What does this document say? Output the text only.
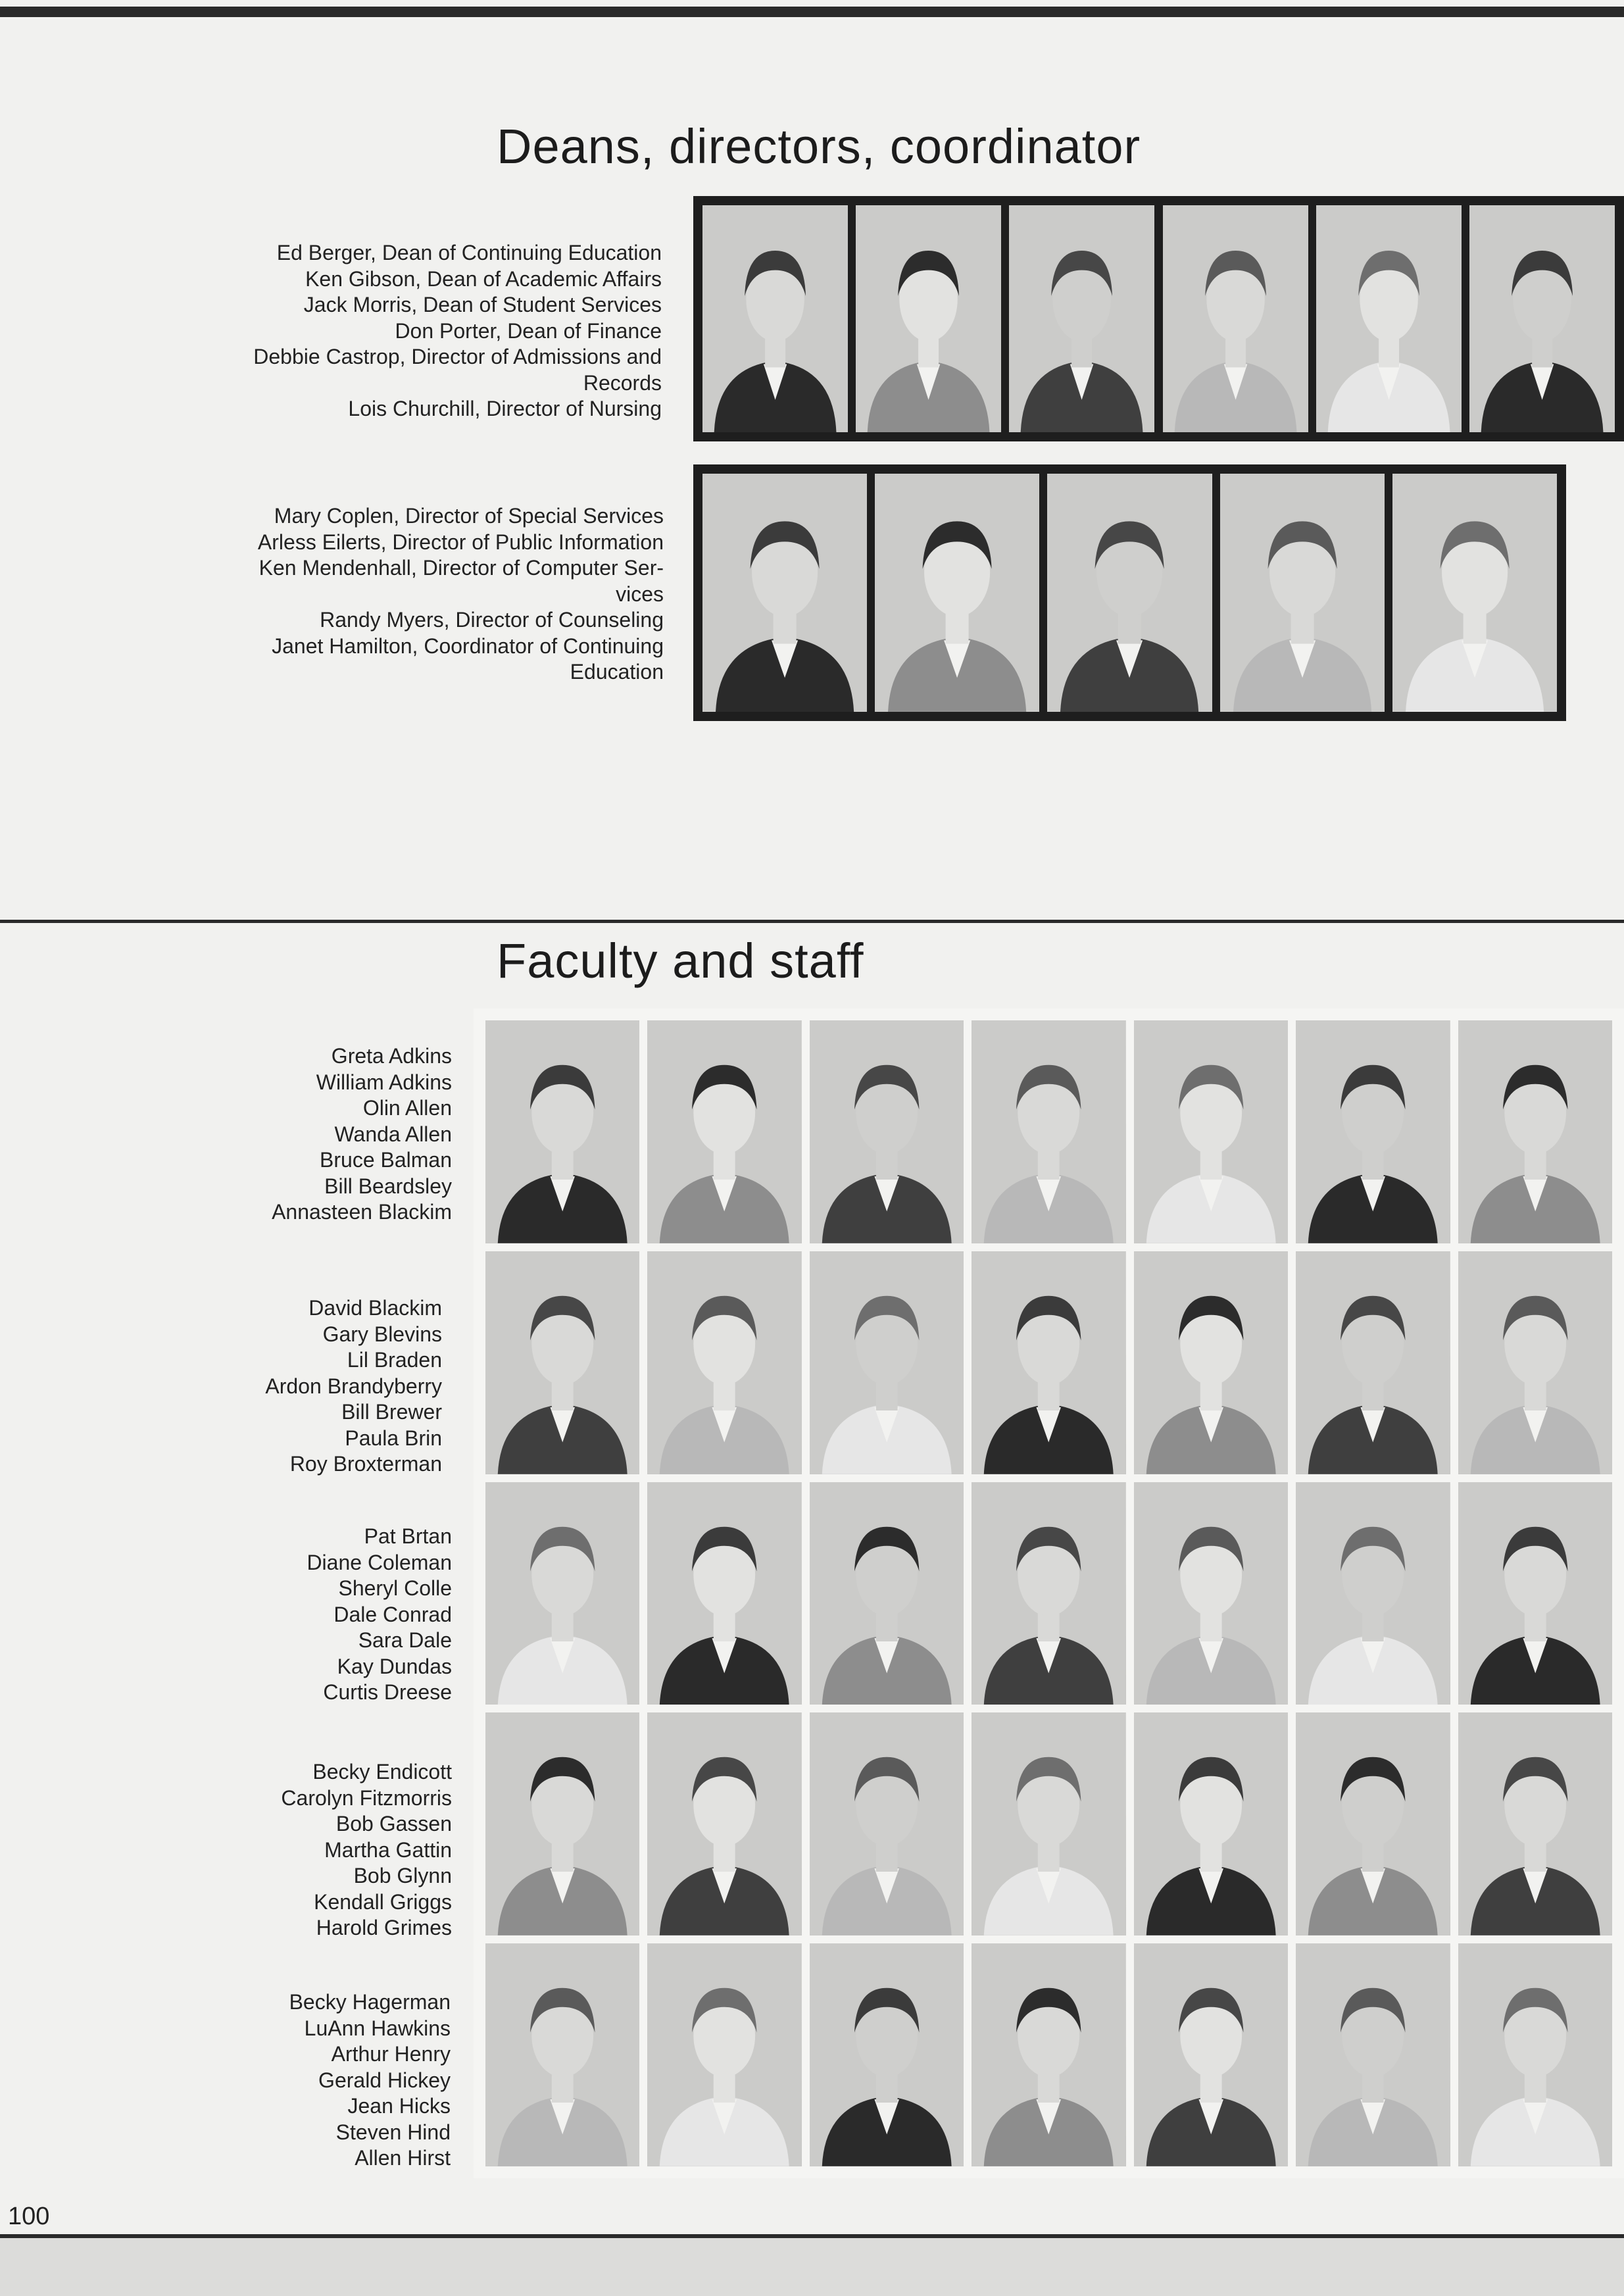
Deans, directors, coordinator
Ed Berger, Dean of Continuing Education
Ken Gibson, Dean of Academic Affairs
Jack Morris, Dean of Student Services
Don Porter, Dean of Finance
Debbie Castrop, Director of Admissions and
Records
Lois Churchill, Director of Nursing
Mary Coplen, Director of Special Services
Arless Eilerts, Director of Public Information
Ken Mendenhall, Director of Computer Ser-
vices
Randy Myers, Director of Counseling
Janet Hamilton, Coordinator of Continuing
Education
Faculty and staff
Greta Adkins
William Adkins
Olin Allen
Wanda Allen
Bruce Balman
Bill Beardsley
Annasteen Blackim
David Blackim
Gary Blevins
Lil Braden
Ardon Brandyberry
Bill Brewer
Paula Brin
Roy Broxterman
Pat Brtan
Diane Coleman
Sheryl Colle
Dale Conrad
Sara Dale
Kay Dundas
Curtis Dreese
Becky Endicott
Carolyn Fitzmorris
Bob Gassen
Martha Gattin
Bob Glynn
Kendall Griggs
Harold Grimes
Becky Hagerman
LuAnn Hawkins
Arthur Henry
Gerald Hickey
Jean Hicks
Steven Hind
Allen Hirst
100
